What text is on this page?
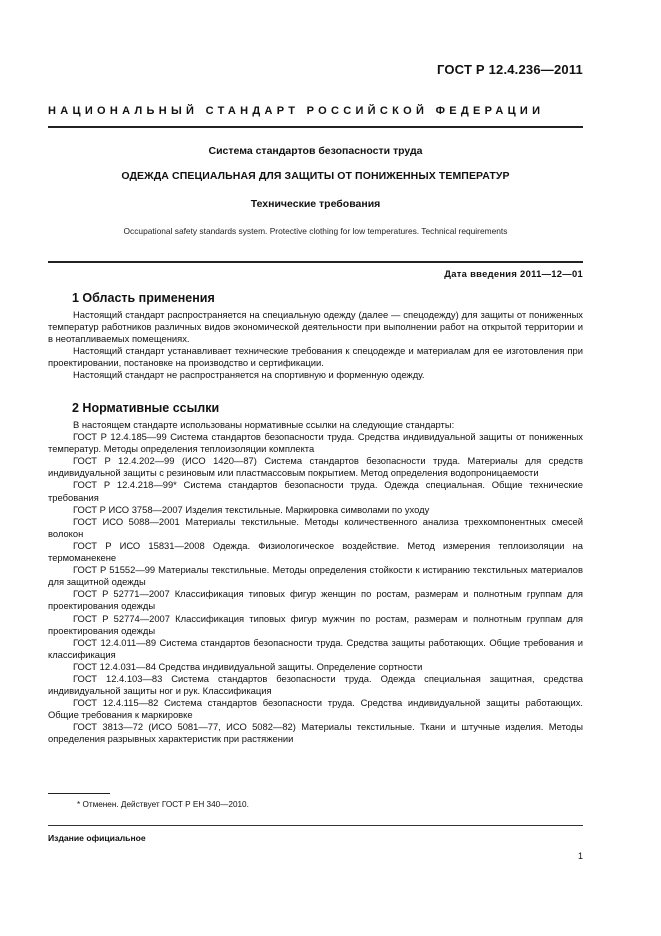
ГОСТ Р 12.4.236—2011
НАЦИОНАЛЬНЫЙ СТАНДАРТ РОССИЙСКОЙ ФЕДЕРАЦИИ
Система стандартов безопасности труда
ОДЕЖДА СПЕЦИАЛЬНАЯ ДЛЯ ЗАЩИТЫ ОТ ПОНИЖЕННЫХ ТЕМПЕРАТУР
Технические требования
Occupational safety standards system. Protective clothing for low temperatures. Technical requirements
Дата введения 2011—12—01
1 Область применения

Настоящий стандарт распространяется на специальную одежду (далее — спецодежду) для защиты от пониженных температур работников различных видов экономической деятельности при выполнении работ на открытой территории и в неотапливаемых помещениях.

Настоящий стандарт устанавливает технические требования к спецодежде и материалам для ее изготовления при проектировании, постановке на производство и сертификации.

Настоящий стандарт не распространяется на спортивную и форменную одежду.

2 Нормативные ссылки

В настоящем стандарте использованы нормативные ссылки на следующие стандарты:

ГОСТ Р 12.4.185—99 Система стандартов безопасности труда. Средства индивидуальной защиты от пониженных температур. Методы определения теплоизоляции комплекта

ГОСТ Р 12.4.202—99 (ИСО 1420—87) Система стандартов безопасности труда. Материалы для средств индивидуальной защиты с резиновым или пластмассовым покрытием. Метод определения водопроницаемости

ГОСТ Р 12.4.218—99* Система стандартов безопасности труда. Одежда специальная. Общие технические требования

ГОСТ Р ИСО 3758—2007 Изделия текстильные. Маркировка символами по уходу

ГОСТ ИСО 5088—2001 Материалы текстильные. Методы количественного анализа трехкомпонентных смесей волокон

ГОСТ Р ИСО 15831—2008 Одежда. Физиологическое воздействие. Метод измерения теплоизоляции на термоманекене

ГОСТ Р 51552—99 Материалы текстильные. Методы определения стойкости к истиранию текстильных материалов для защитной одежды

ГОСТ Р 52771—2007 Классификация типовых фигур женщин по ростам, размерам и полнотным группам для проектирования одежды

ГОСТ Р 52774—2007 Классификация типовых фигур мужчин по ростам, размерам и полнотным группам для проектирования одежды

ГОСТ 12.4.011—89 Система стандартов безопасности труда. Средства защиты работающих. Общие требования и классификация

ГОСТ 12.4.031—84 Средства индивидуальной защиты. Определение сортности

ГОСТ 12.4.103—83 Система стандартов безопасности труда. Одежда специальная защитная, средства индивидуальной защиты ног и рук. Классификация

ГОСТ 12.4.115—82 Система стандартов безопасности труда. Средства индивидуальной защиты работающих. Общие требования к маркировке

ГОСТ 3813—72 (ИСО 5081—77, ИСО 5082—82) Материалы текстильные. Ткани и штучные изделия. Методы определения разрывных характеристик при растяжении

* Отменен. Действует ГОСТ Р ЕН 340—2010.
Издание официальное
1
